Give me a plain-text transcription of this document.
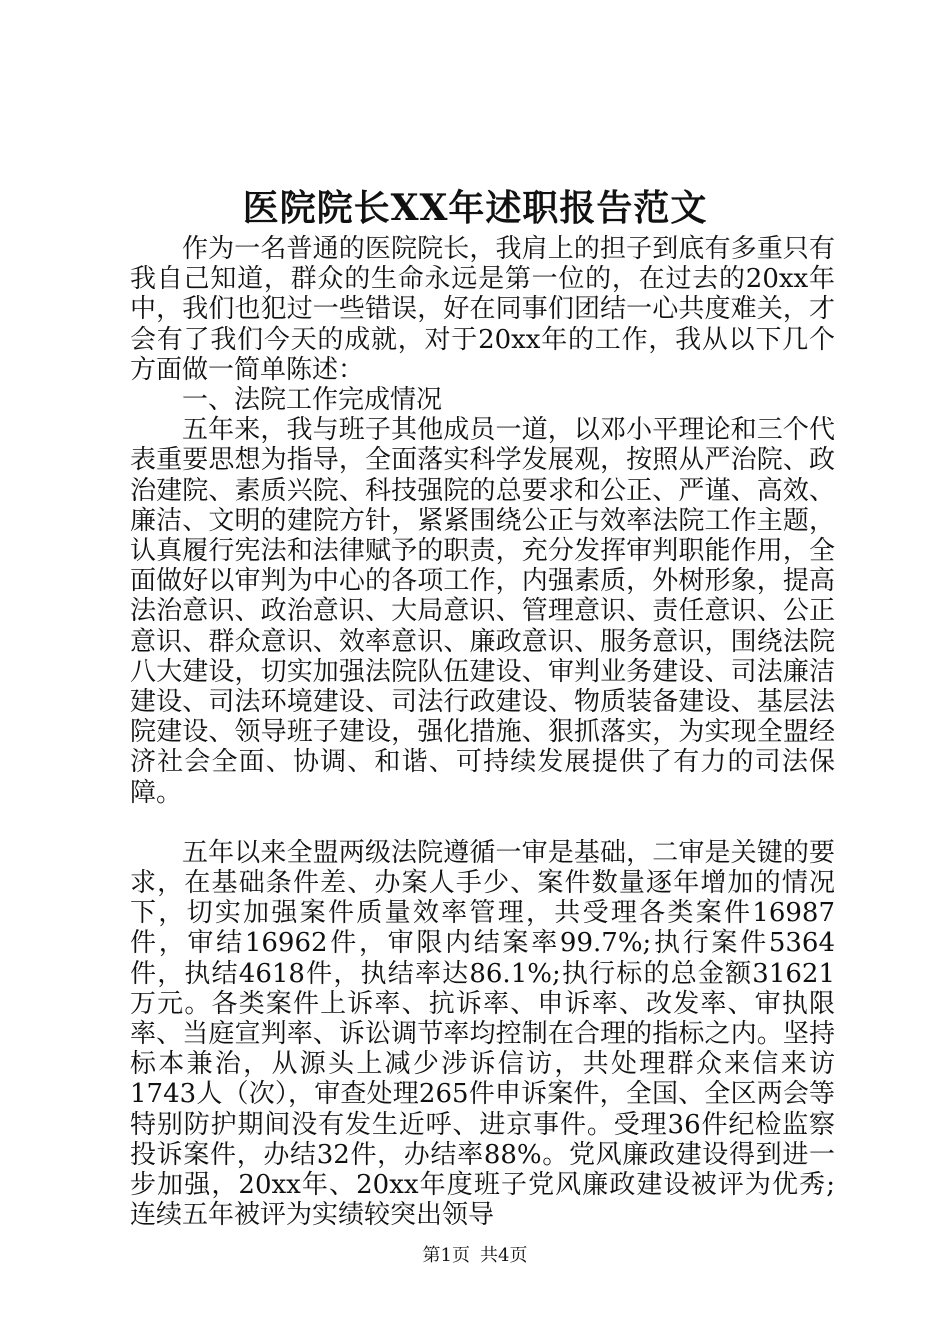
医院院长XX年述职报告范文

作为一名普通的医院院长，我肩上的担子到底有多重只有我自己知道，群众的生命永远是第一位的，在过去的20xx年中，我们也犯过一些错误，好在同事们团结一心共度难关，才会有了我们今天的成就，对于20xx年的工作，我从以下几个方面做一简单陈述：

一、法院工作完成情况

五年来，我与班子其他成员一道，以邓小平理论和三个代表重要思想为指导，全面落实科学发展观，按照从严治院、政治建院、素质兴院、科技强院的总要求和公正、严谨、高效、廉洁、文明的建院方针，紧紧围绕公正与效率法院工作主题，认真履行宪法和法律赋予的职责，充分发挥审判职能作用，全面做好以审判为中心的各项工作，内强素质，外树形象，提高法治意识、政治意识、大局意识、管理意识、责任意识、公正意识、群众意识、效率意识、廉政意识、服务意识，围绕法院八大建设，切实加强法院队伍建设、审判业务建设、司法廉洁建设、司法环境建设、司法行政建设、物质装备建设、基层法院建设、领导班子建设，强化措施、狠抓落实，为实现全盟经济社会全面、协调、和谐、可持续发展提供了有力的司法保障。

五年以来全盟两级法院遵循一审是基础，二审是关键的要求，在基础条件差、办案人手少、案件数量逐年增加的情况下，切实加强案件质量效率管理，共受理各类案件16987件，审结16962件，审限内结案率99.7%;执行案件5364件，执结4618件，执结率达86.1%;执行标的总金额31621万元。各类案件上诉率、抗诉率、申诉率、改发率、审执限率、当庭宣判率、诉讼调节率均控制在合理的指标之内。坚持标本兼治，从源头上减少涉诉信访，共处理群众来信来访1743人（次），审查处理265件申诉案件，全国、全区两会等特别防护期间没有发生近呼、进京事件。受理36件纪检监察投诉案件，办结32件，办结率88%。党风廉政建设得到进一步加强，20xx年、20xx年度班子党风廉政建设被评为优秀;连续五年被评为实绩较突出领导

第1页 共4页
